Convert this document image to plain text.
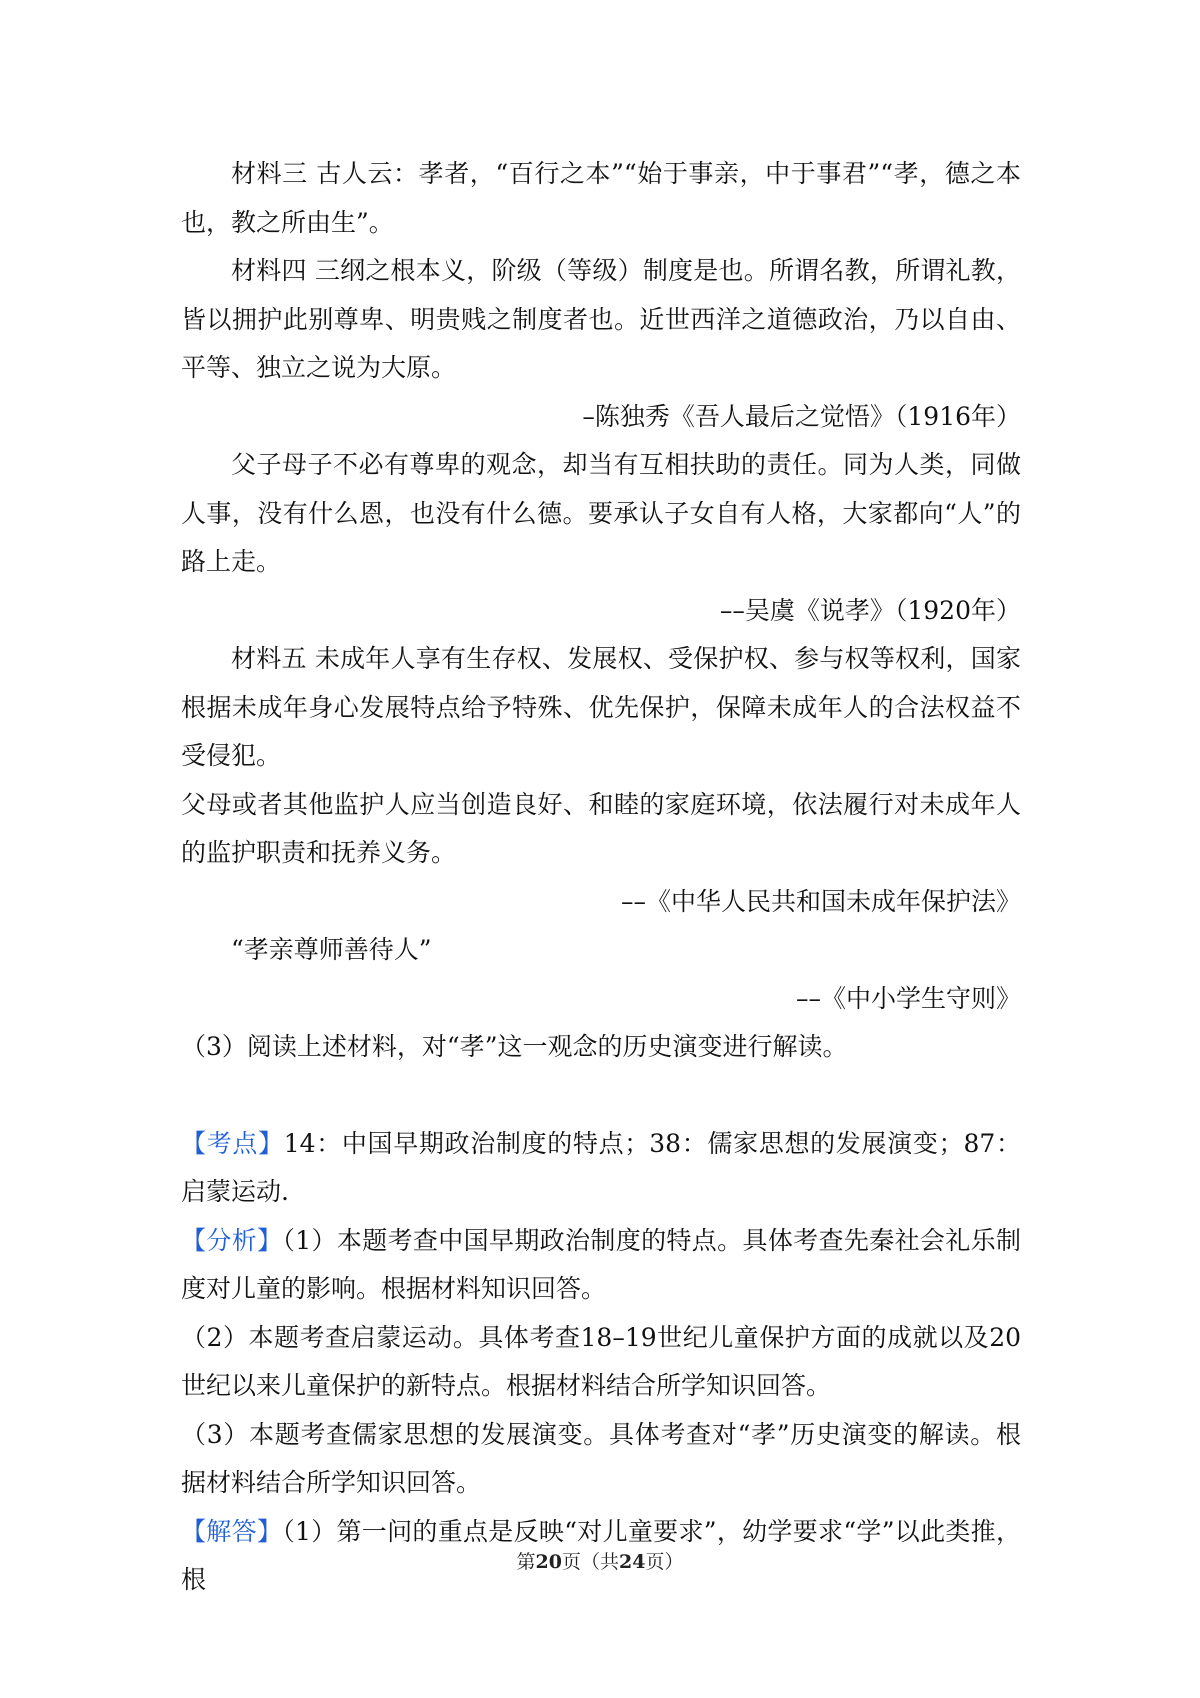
材料三 古人云：孝者，“百行之本”“始于事亲，中于事君”“孝，德之本也，教之所由生”。

材料四 三纲之根本义，阶级（等级）制度是也。所谓名教，所谓礼教，皆以拥护此别尊卑、明贵贱之制度者也。近世西洋之道德政治，乃以自由、平等、独立之说为大原。

–陈独秀《吾人最后之觉悟》（1916年）

父子母子不必有尊卑的观念，却当有互相扶助的责任。同为人类，同做人事，没有什么恩，也没有什么德。要承认子女自有人格，大家都向“人”的路上走。

––吴虞《说孝》（1920年）

材料五 未成年人享有生存权、发展权、受保护权、参与权等权利，国家根据未成年身心发展特点给予特殊、优先保护，保障未成年人的合法权益不受侵犯。

父母或者其他监护人应当创造良好、和睦的家庭环境，依法履行对未成年人的监护职责和抚养义务。

––《中华人民共和国未成年保护法》

“孝亲尊师善待人”

––《中小学生守则》

（3）阅读上述材料，对“孝”这一观念的历史演变进行解读。

【考点】14：中国早期政治制度的特点；38：儒家思想的发展演变；87：启蒙运动.

【分析】（1）本题考查中国早期政治制度的特点。具体考查先秦社会礼乐制度对儿童的影响。根据材料知识回答。

（2）本题考查启蒙运动。具体考查18–19世纪儿童保护方面的成就以及20世纪以来儿童保护的新特点。根据材料结合所学知识回答。

（3）本题考查儒家思想的发展演变。具体考查对“孝”历史演变的解读。根据材料结合所学知识回答。

【解答】（1）第一问的重点是反映“对儿童要求”，幼学要求“学”以此类推，根

第20页（共24页）
